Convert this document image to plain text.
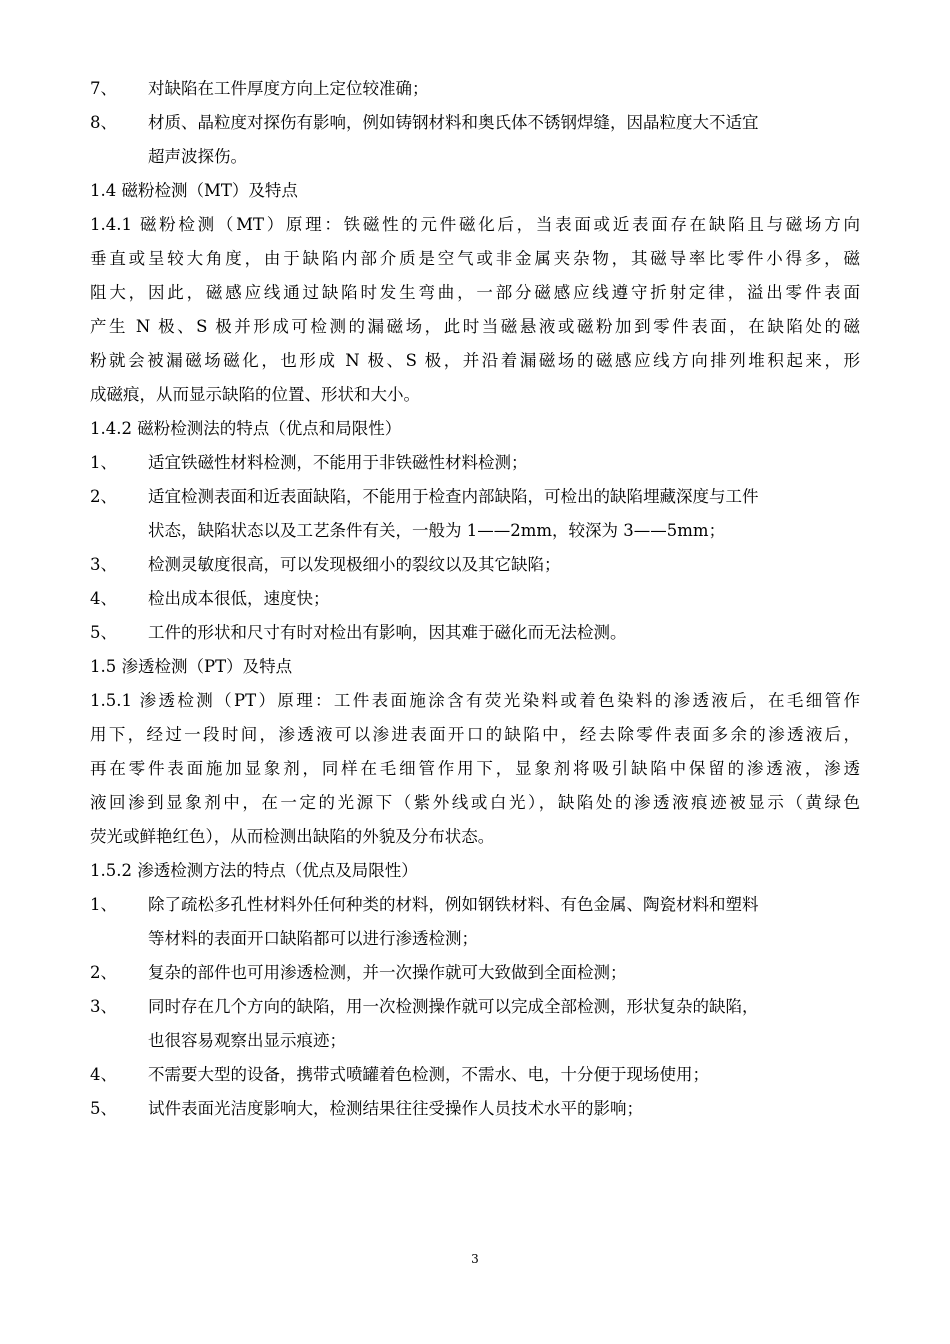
7、 对缺陷在工件厚度方向上定位较准确；
8、 材质、晶粒度对探伤有影响，例如铸钢材料和奥氏体不锈钢焊缝，因晶粒度大不适宜
超声波探伤。
1.4 磁粉检测（MT）及特点
1.4.1 磁粉检测（MT）原理：铁磁性的元件磁化后，当表面或近表面存在缺陷且与磁场方向
垂直或呈较大角度，由于缺陷内部介质是空气或非金属夹杂物，其磁导率比零件小得多，磁
阻大，因此，磁感应线通过缺陷时发生弯曲，一部分磁感应线遵守折射定律，溢出零件表面
产生 N 极、S 极并形成可检测的漏磁场，此时当磁悬液或磁粉加到零件表面，在缺陷处的磁
粉就会被漏磁场磁化，也形成 N 极、S 极，并沿着漏磁场的磁感应线方向排列堆积起来，形
成磁痕，从而显示缺陷的位置、形状和大小。
1.4.2 磁粉检测法的特点（优点和局限性）
1、 适宜铁磁性材料检测，不能用于非铁磁性材料检测；
2、 适宜检测表面和近表面缺陷，不能用于检查内部缺陷，可检出的缺陷埋藏深度与工件
状态，缺陷状态以及工艺条件有关，一般为 1——2mm，较深为 3——5mm；
3、 检测灵敏度很高，可以发现极细小的裂纹以及其它缺陷；
4、 检出成本很低，速度快；
5、 工件的形状和尺寸有时对检出有影响，因其难于磁化而无法检测。
1.5 渗透检测（PT）及特点
1.5.1 渗透检测（PT）原理：工件表面施涂含有荧光染料或着色染料的渗透液后，在毛细管作
用下，经过一段时间，渗透液可以渗进表面开口的缺陷中，经去除零件表面多余的渗透液后，
再在零件表面施加显象剂，同样在毛细管作用下，显象剂将吸引缺陷中保留的渗透液，渗透
液回渗到显象剂中，在一定的光源下（紫外线或白光），缺陷处的渗透液痕迹被显示（黄绿色
荧光或鲜艳红色），从而检测出缺陷的外貌及分布状态。
1.5.2 渗透检测方法的特点（优点及局限性）
1、 除了疏松多孔性材料外任何种类的材料，例如钢铁材料、有色金属、陶瓷材料和塑料
等材料的表面开口缺陷都可以进行渗透检测；
2、 复杂的部件也可用渗透检测，并一次操作就可大致做到全面检测；
3、 同时存在几个方向的缺陷，用一次检测操作就可以完成全部检测，形状复杂的缺陷，
也很容易观察出显示痕迹；
4、 不需要大型的设备，携带式喷罐着色检测，不需水、电，十分便于现场使用；
5、 试件表面光洁度影响大，检测结果往往受操作人员技术水平的影响；
3
